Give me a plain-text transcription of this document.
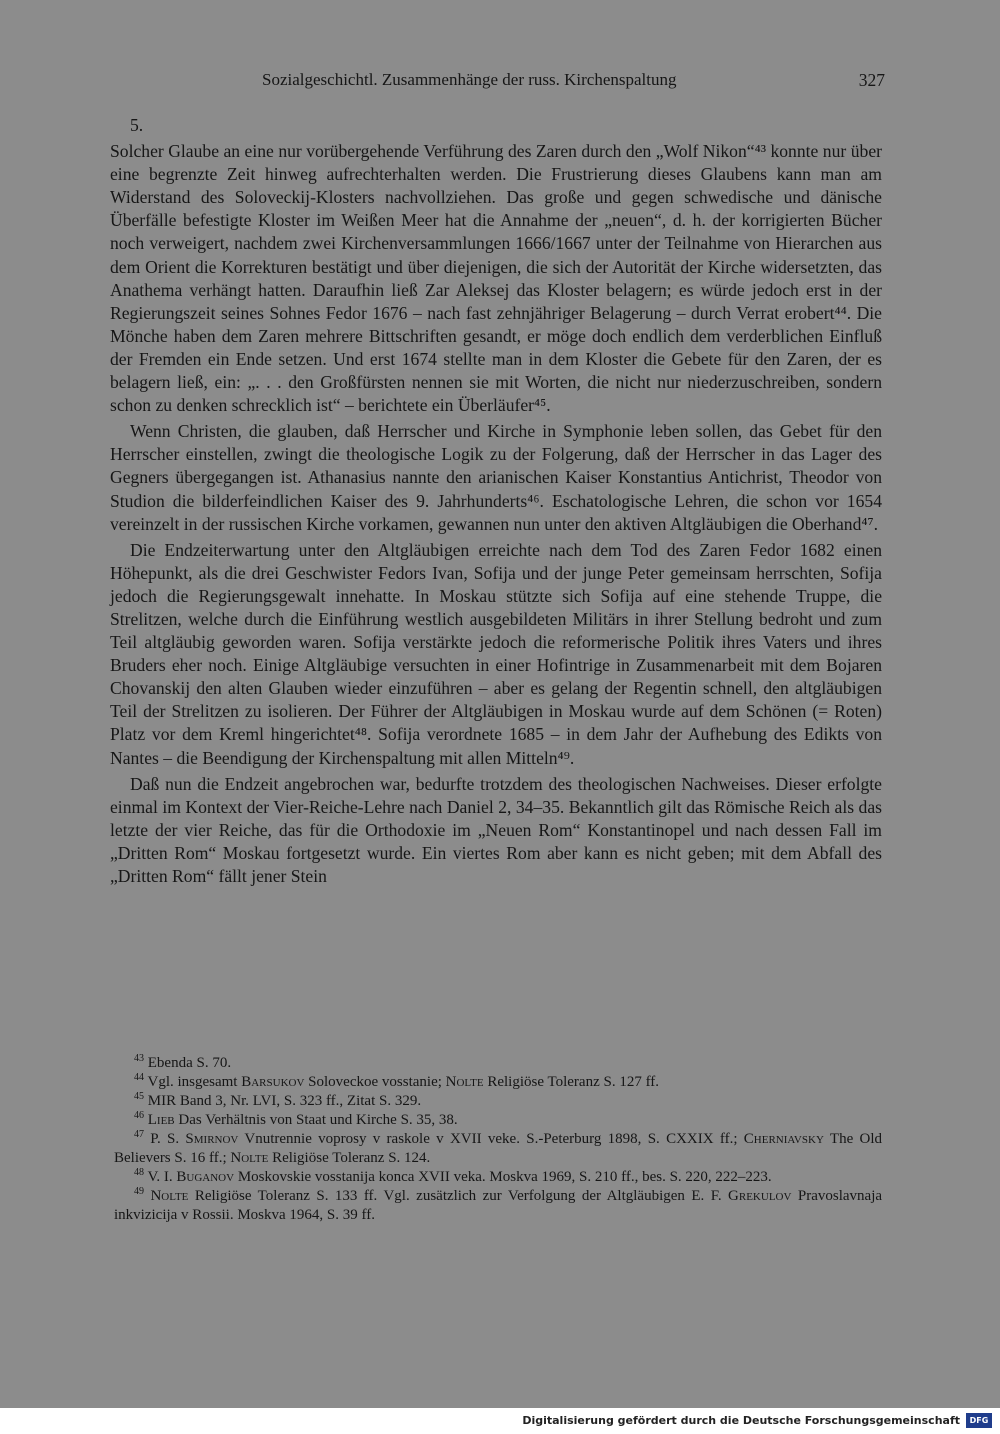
Sozialgeschichtl. Zusammenhänge der russ. Kirchenspaltung	327

5.

Solcher Glaube an eine nur vorübergehende Verführung des Zaren durch den „Wolf Nikon“⁴³ konnte nur über eine begrenzte Zeit hinweg aufrechterhalten werden. Die Frustrierung dieses Glaubens kann man am Widerstand des Soloveckij-Klosters nachvollziehen. Das große und gegen schwedische und dänische Überfälle befestigte Kloster im Weißen Meer hat die Annahme der „neuen“, d. h. der korrigierten Bücher noch verweigert, nachdem zwei Kirchenversammlungen 1666/1667 unter der Teilnahme von Hierarchen aus dem Orient die Korrekturen bestätigt und über diejenigen, die sich der Autorität der Kirche widersetzten, das Anathema verhängt hatten. Daraufhin ließ Zar Aleksej das Kloster belagern; es würde jedoch erst in der Regierungszeit seines Sohnes Fedor 1676 – nach fast zehnjähriger Belagerung – durch Verrat erobert⁴⁴. Die Mönche haben dem Zaren mehrere Bittschriften gesandt, er möge doch endlich dem verderblichen Einfluß der Fremden ein Ende setzen. Und erst 1674 stellte man in dem Kloster die Gebete für den Zaren, der es belagern ließ, ein: „. . . den Großfürsten nennen sie mit Worten, die nicht nur niederzuschreiben, sondern schon zu denken schrecklich ist“ – berichtete ein Überläufer⁴⁵.

Wenn Christen, die glauben, daß Herrscher und Kirche in Symphonie leben sollen, das Gebet für den Herrscher einstellen, zwingt die theologische Logik zu der Folgerung, daß der Herrscher in das Lager des Gegners übergegangen ist. Athanasius nannte den arianischen Kaiser Konstantius Antichrist, Theodor von Studion die bilderfeindlichen Kaiser des 9. Jahrhunderts⁴⁶. Eschatologische Lehren, die schon vor 1654 vereinzelt in der russischen Kirche vorkamen, gewannen nun unter den aktiven Altgläubigen die Oberhand⁴⁷.

Die Endzeiterwartung unter den Altgläubigen erreichte nach dem Tod des Zaren Fedor 1682 einen Höhepunkt, als die drei Geschwister Fedors Ivan, Sofija und der junge Peter gemeinsam herrschten, Sofija jedoch die Regierungsgewalt innehatte. In Moskau stützte sich Sofija auf eine stehende Truppe, die Strelitzen, welche durch die Einführung westlich ausgebildeten Militärs in ihrer Stellung bedroht und zum Teil altgläubig geworden waren. Sofija verstärkte jedoch die reformerische Politik ihres Vaters und ihres Bruders eher noch. Einige Altgläubige versuchten in einer Hofintrige in Zusammenarbeit mit dem Bojaren Chovanskij den alten Glauben wieder einzuführen – aber es gelang der Regentin schnell, den altgläubigen Teil der Strelitzen zu isolieren. Der Führer der Altgläubigen in Moskau wurde auf dem Schönen (= Roten) Platz vor dem Kreml hingerichtet⁴⁸. Sofija verordnete 1685 – in dem Jahr der Aufhebung des Edikts von Nantes – die Beendigung der Kirchenspaltung mit allen Mitteln⁴⁹.

Daß nun die Endzeit angebrochen war, bedurfte trotzdem des theologischen Nachweises. Dieser erfolgte einmal im Kontext der Vier-Reiche-Lehre nach Daniel 2, 34–35. Bekanntlich gilt das Römische Reich als das letzte der vier Reiche, das für die Orthodoxie im „Neuen Rom“ Konstantinopel und nach dessen Fall im „Dritten Rom“ Moskau fortgesetzt wurde. Ein viertes Rom aber kann es nicht geben; mit dem Abfall des „Dritten Rom“ fällt jener Stein

$^{43}$ Ebenda S. 70.

$^{44}$ Vgl. insgesamt Barsukov Soloveckoe vosstanie; Nolte Religiöse Toleranz S. 127 ff.

$^{45}$ MIR Band 3, Nr. LVI, S. 323 ff., Zitat S. 329.

$^{46}$ Lieb Das Verhältnis von Staat und Kirche S. 35, 38.

$^{47}$ P. S. Smirnov Vnutrennie voprosy v raskole v XVII veke. S.-Peterburg 1898, S. CXXIX ff.; Cherniavsky The Old Believers S. 16 ff.; Nolte Religiöse Toleranz S. 124.

$^{48}$ V. I. Buganov Moskovskie vosstanija konca XVII veka. Moskva 1969, S. 210 ff., bes. S. 220, 222–223.

$^{49}$ Nolte Religiöse Toleranz S. 133 ff. Vgl. zusätzlich zur Verfolgung der Altgläubigen E. F. Grekulov Pravoslavnaja inkvizicija v Rossii. Moskva 1964, S. 39 ff.

Digitalisierung gefördert durch die Deutsche Forschungsgemeinschaft	DFG
